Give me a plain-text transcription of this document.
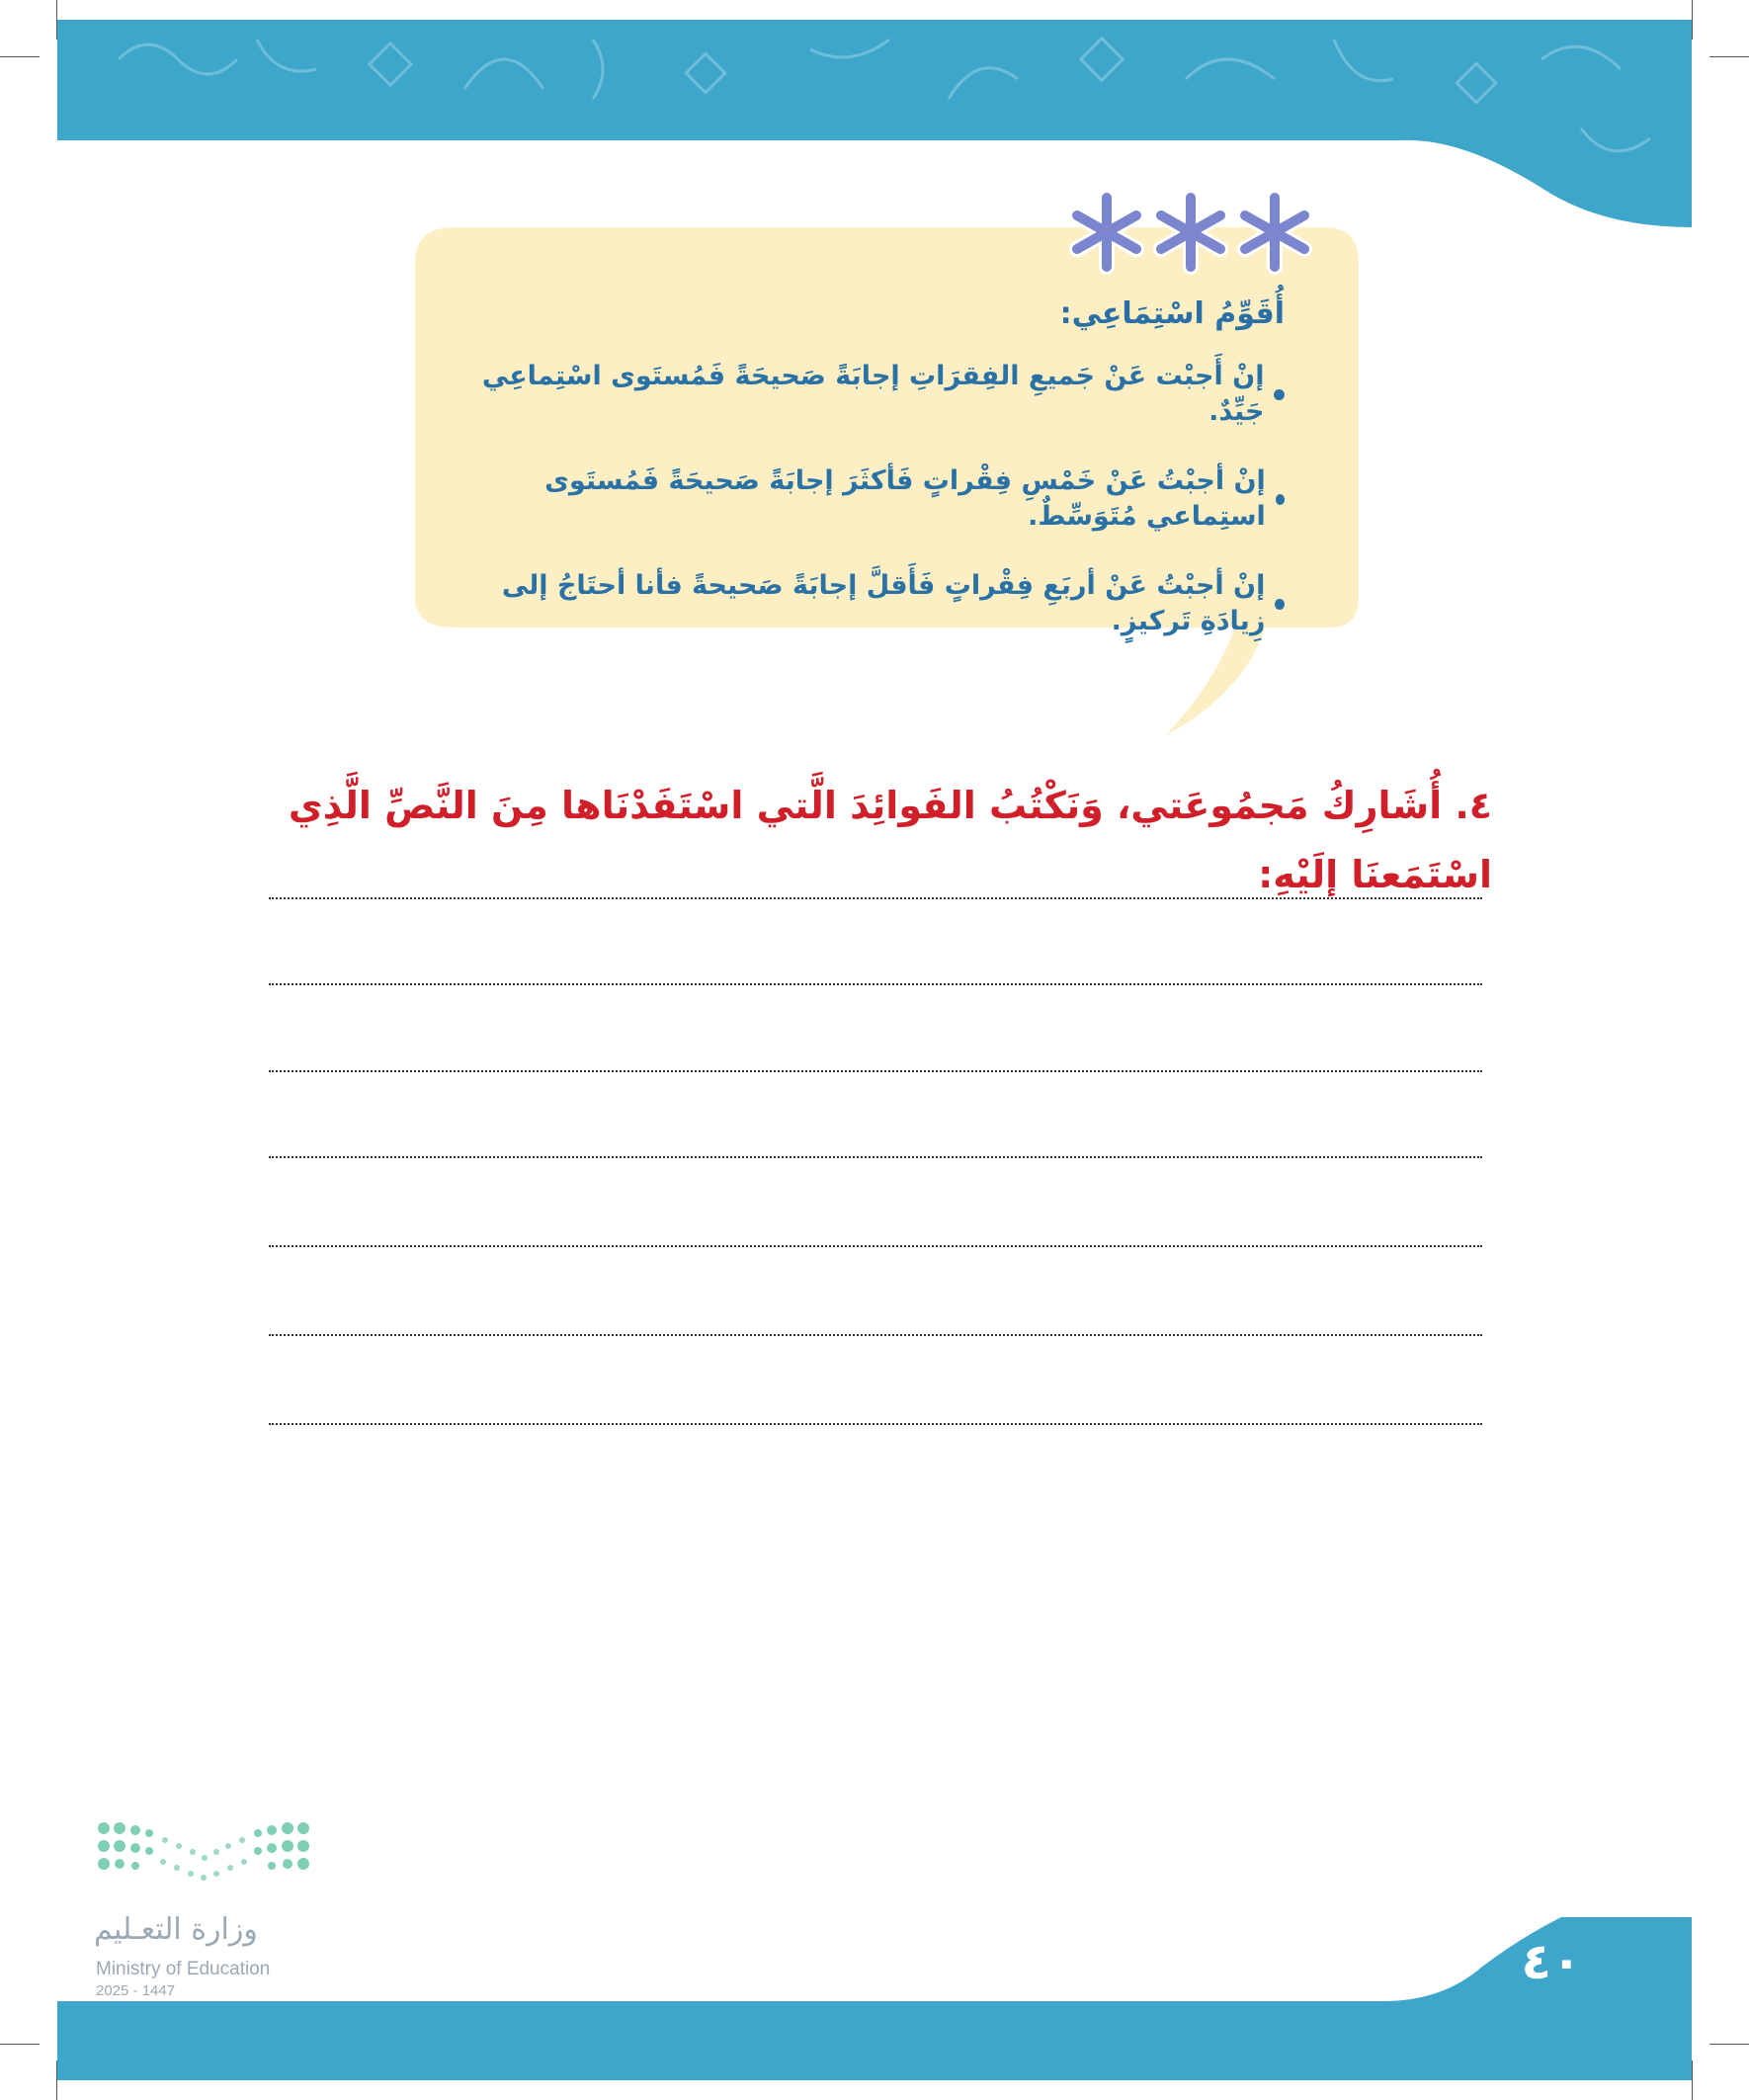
أُقَوِّمُ اسْتِمَاعِي:
إنْ أَجبْت عَنْ جَميعِ الفِقرَاتِ إجابَةً صَحيحَةً فَمُستَوى اسْتِماعِي جَيِّدٌ.
إنْ أجبْتُ عَنْ خَمْسِ فِقْراتٍ فَأكثَرَ إجابَةً صَحيحَةً فَمُستَوى استِماعي مُتَوَسِّطٌ.
إنْ أجبْتُ عَنْ أربَعِ فِقْراتٍ فَأَقلَّ إجابَةً صَحيحةً فأنا أحتَاجُ إلى زِيادَةِ تَركيزٍ.
٤. أُشَارِكُ مَجمُوعَتي، وَنَكْتُبُ الفَوائِدَ الَّتي اسْتَفَدْنَاها مِنَ النَّصِّ الَّذِي اسْتَمَعنَا إلَيْهِ:
وزارة التعـليم
Ministry of Education
2025 - 1447
٤٠
